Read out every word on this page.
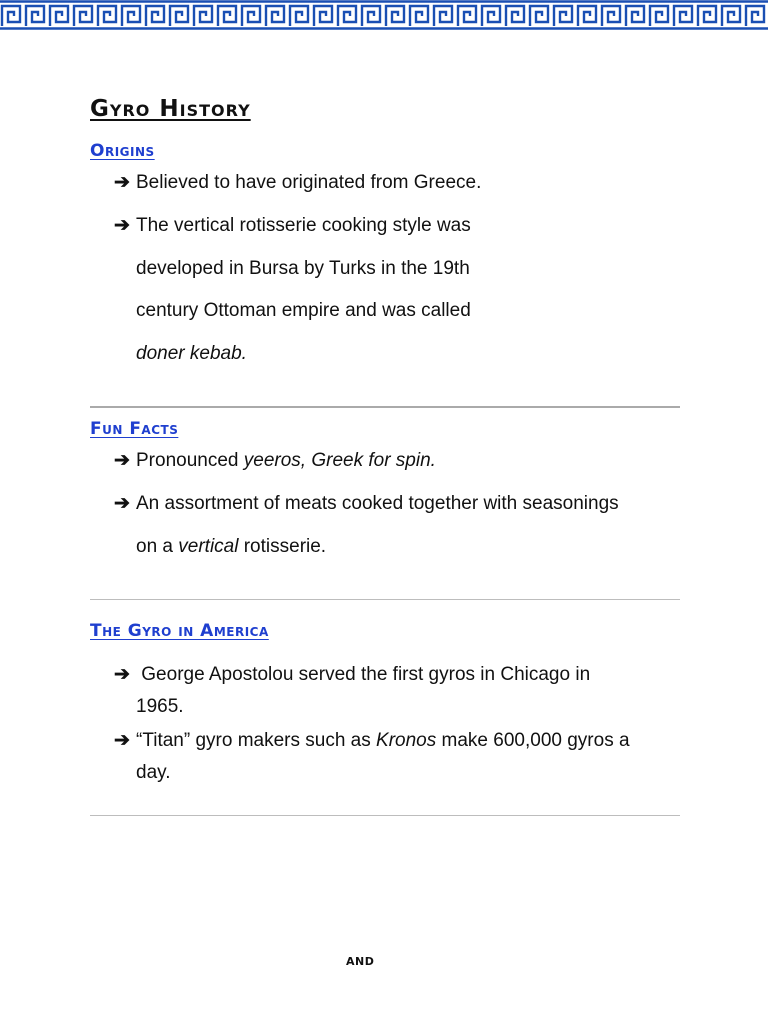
Gyro History
Origins
➔ Believed to have originated from Greece.
➔ The vertical rotisserie cooking style was
developed in Bursa by Turks in the 19th
century Ottoman empire and was called
doner kebab.
Fun Facts
➔ Pronounced yeeros, Greek for spin.
➔ An assortment of meats cooked together with seasonings
on a vertical rotisserie.
The Gyro in America
➔ George Apostolou served the first gyros in Chicago in
1965.
➔ “Titan” gyro makers such as Kronos make 600,000 gyros a
day.

and
